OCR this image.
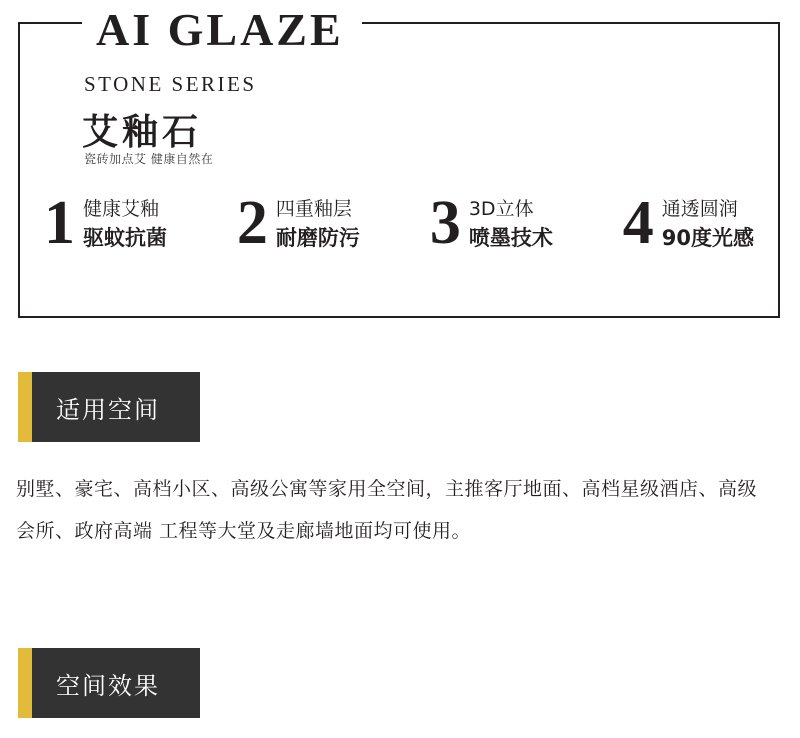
AI GLAZE
STONE SERIES
艾釉石
瓷砖加点艾 健康自然在
1 健康艾釉
驱蚊抗菌 2 四重釉层
耐磨防污 3 3D立体
喷墨技术 4 通透圆润
90度光感
适用空间
别墅、豪宅、高档小区、高级公寓等家用全空间，主推客厅地面、高档星级酒店、高级会所、政府高端 工程等大堂及走廊墙地面均可使用。
空间效果
